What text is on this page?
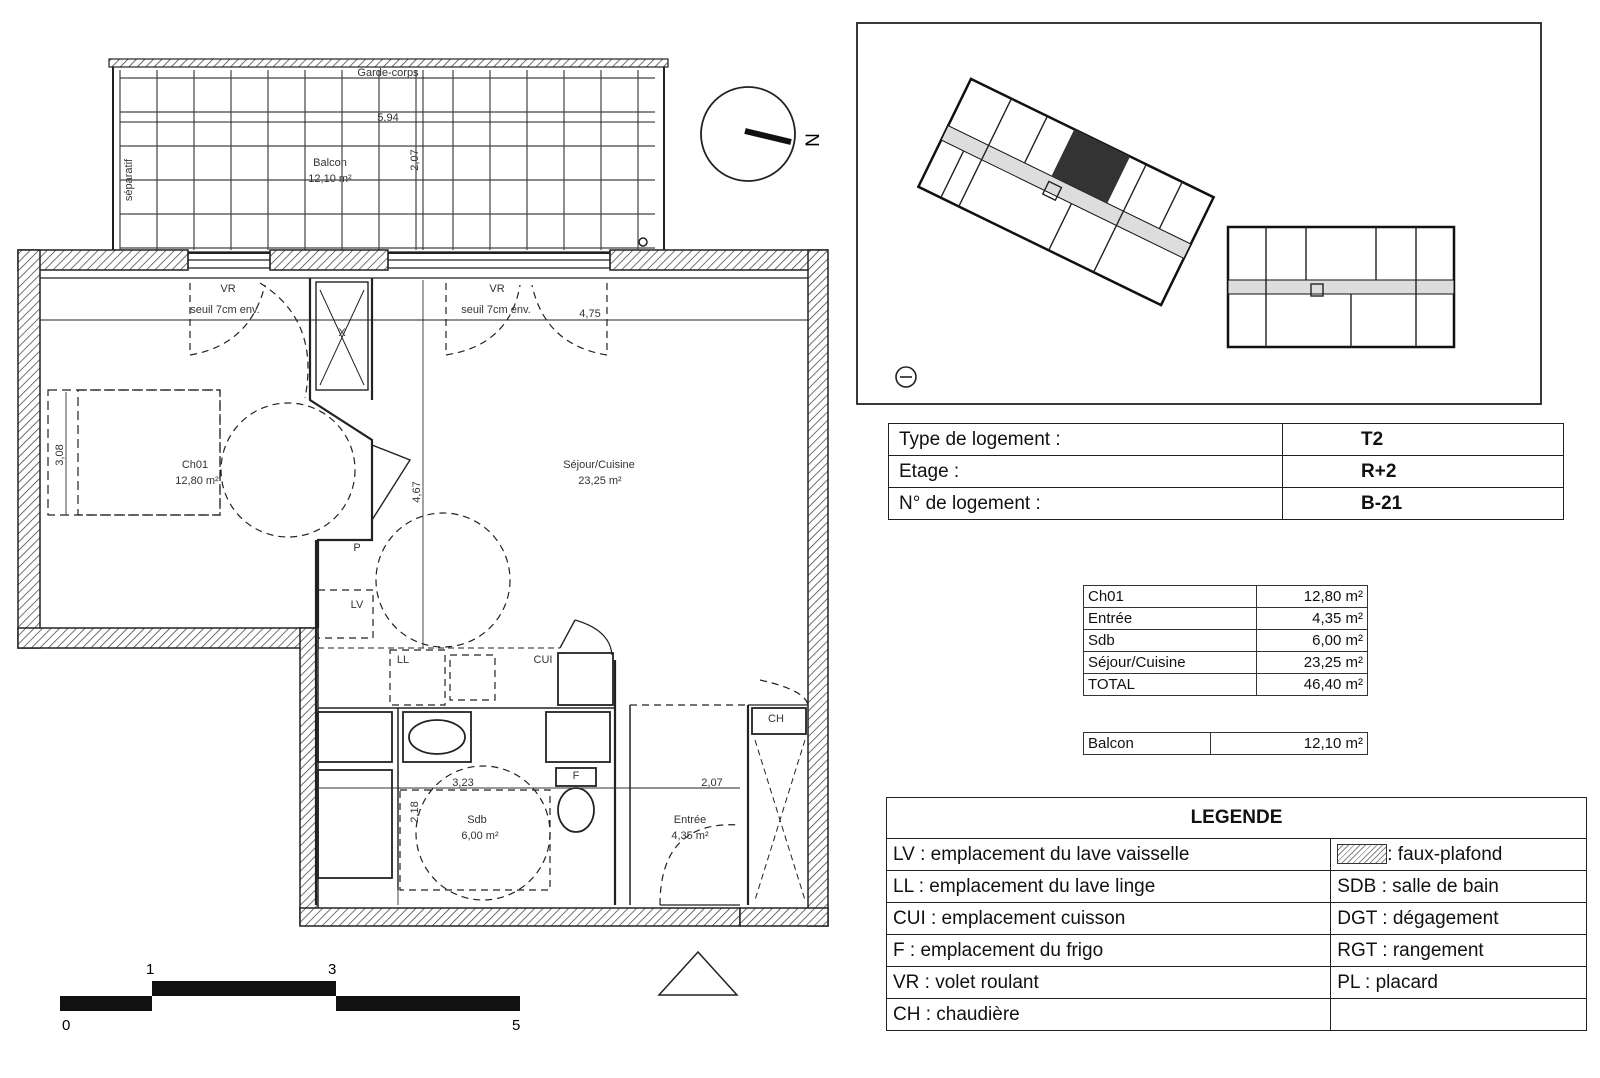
Garde-corps
5,94
Balcon
12,10 m²
séparatif	2,07
VR	VR
seuil 7cm env.	seuil 7cm env.	4,75
3,08	Ch01
12,80 m²
Séjour/Cuisine
23,25 m²
4,67
P
LV
LL	CUI
X
CH
F
3,23	2,07
2,18	Sdb
6,00 m²
Entrée
4,35 m²
N
0
1	3
5
Type de logement :	T2
Etage :	R+2
N° de logement :	B-21
Ch01	12,80 m²
Entrée	4,35 m²
Sdb	6,00 m²
Séjour/Cuisine	23,25 m²
TOTAL	46,40 m²
Balcon	12,10 m²
LEGENDE	
LV : emplacement du lave vaisselle	: faux-plafond
LL : emplacement du lave linge	SDB : salle de bain
CUI : emplacement cuisson	DGT : dégagement
F : emplacement du frigo	RGT : rangement
VR : volet roulant	PL : placard
CH : chaudière	
